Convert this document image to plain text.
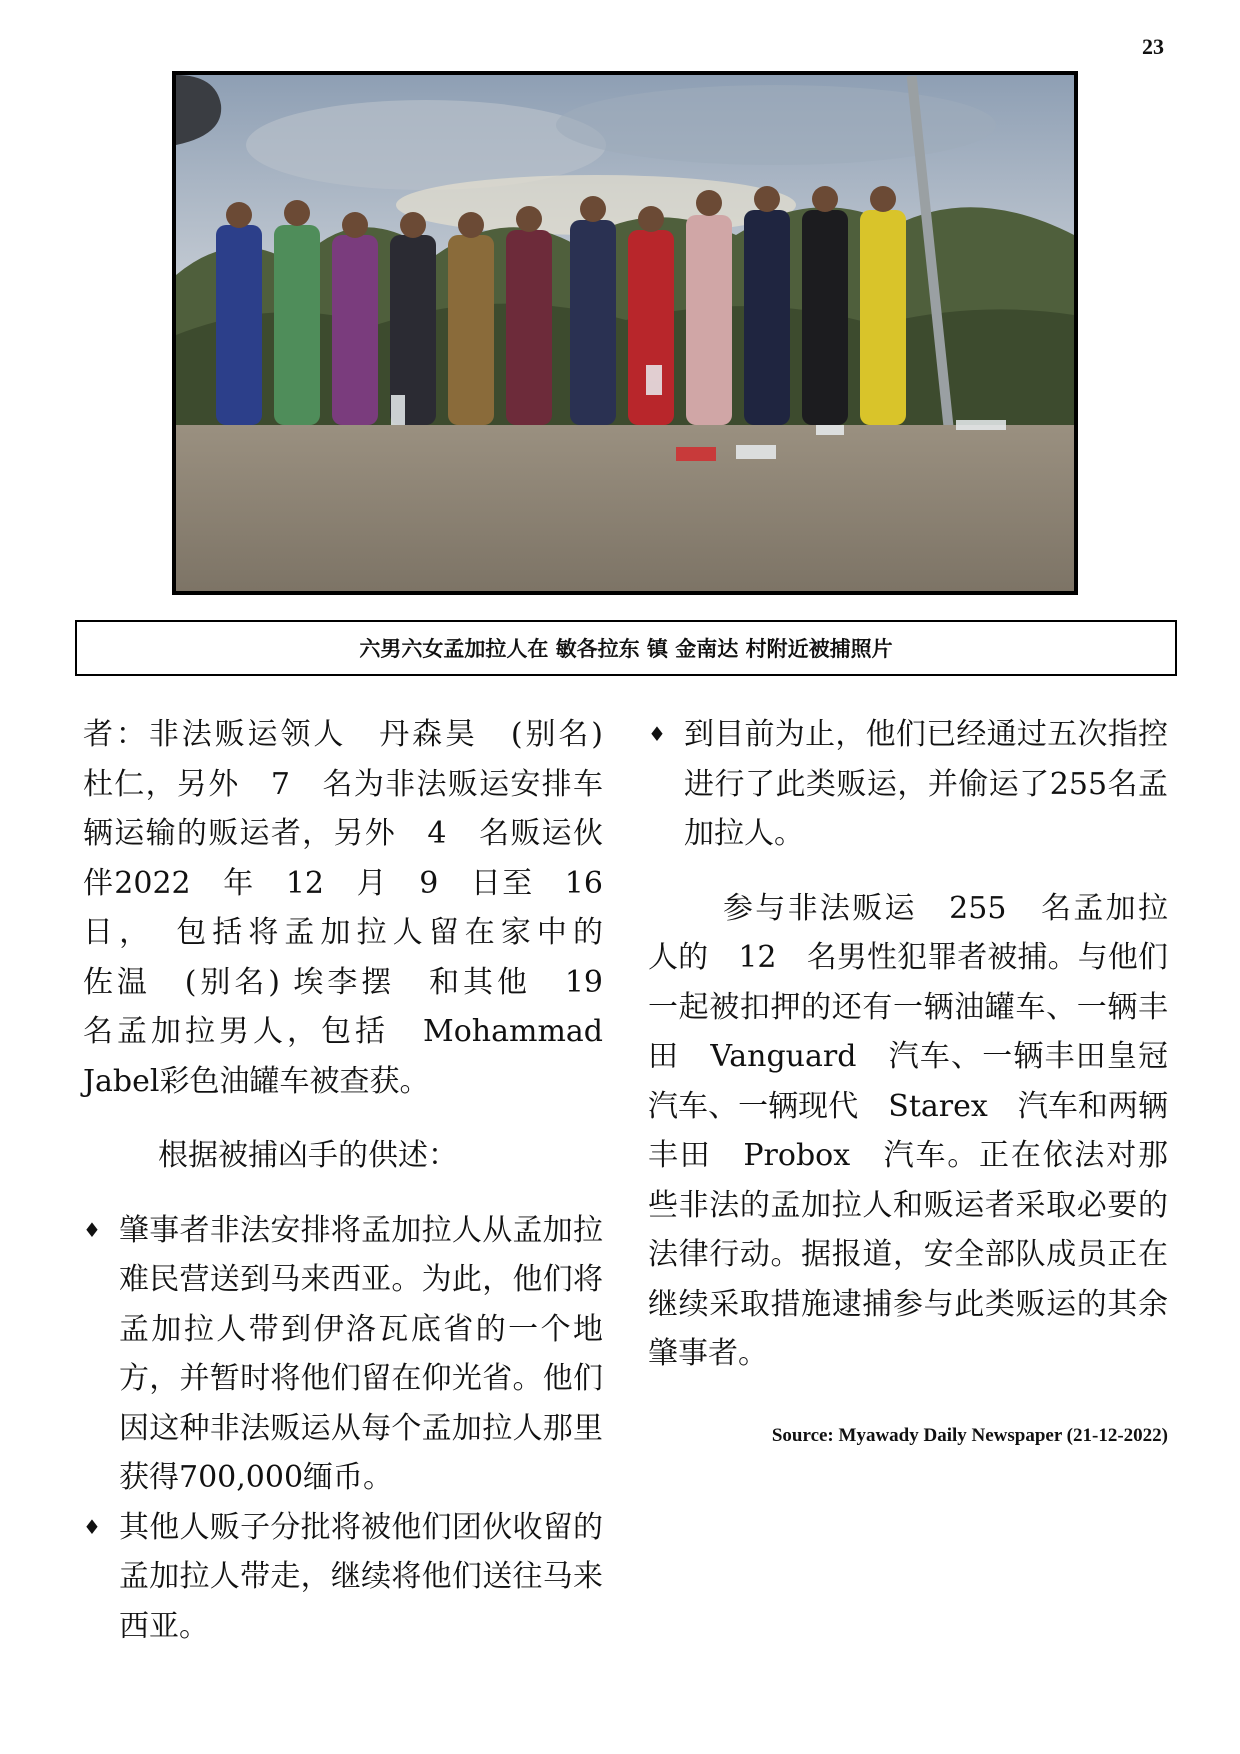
23
六男六女孟加拉人在 敏各拉东 镇 金南达 村附近被捕照片

者：非法贩运领人　丹森昊　(别名)　杜仁，另外　7　名为非法贩运安排车辆运输的贩运者，另外　4　名贩运伙伴2022　年　12　月　9　日至　16　日，　包括将孟加拉人留在家中的　　佐温　(别名) 埃李摆　和其他　19　名孟加拉男人，包括　Mohammad　Jabel彩色油罐车被查获。

根据被捕凶手的供述：

♦ 肇事者非法安排将孟加拉人从孟加拉难民营送到马来西亚。为此，他们将孟加拉人带到伊洛瓦底省的一个地方，并暂时将他们留在仰光省。他们因这种非法贩运从每个孟加拉人那里获得700,000缅币。

♦ 其他人贩子分批将被他们团伙收留的孟加拉人带走，继续将他们送往马来西亚。

♦ 到目前为止，他们已经通过五次指控进行了此类贩运，并偷运了255名孟加拉人。

参与非法贩运　255　名孟加拉人的　12　名男性犯罪者被捕。与他们一起被扣押的还有一辆油罐车、一辆丰田　Vanguard　汽车、一辆丰田皇冠汽车、一辆现代　Starex　汽车和两辆丰田　Probox　汽车。正在依法对那些非法的孟加拉人和贩运者采取必要的法律行动。据报道，安全部队成员正在继续采取措施逮捕参与此类贩运的其余肇事者。

Source: Myawady Daily Newspaper (21-12-2022)
